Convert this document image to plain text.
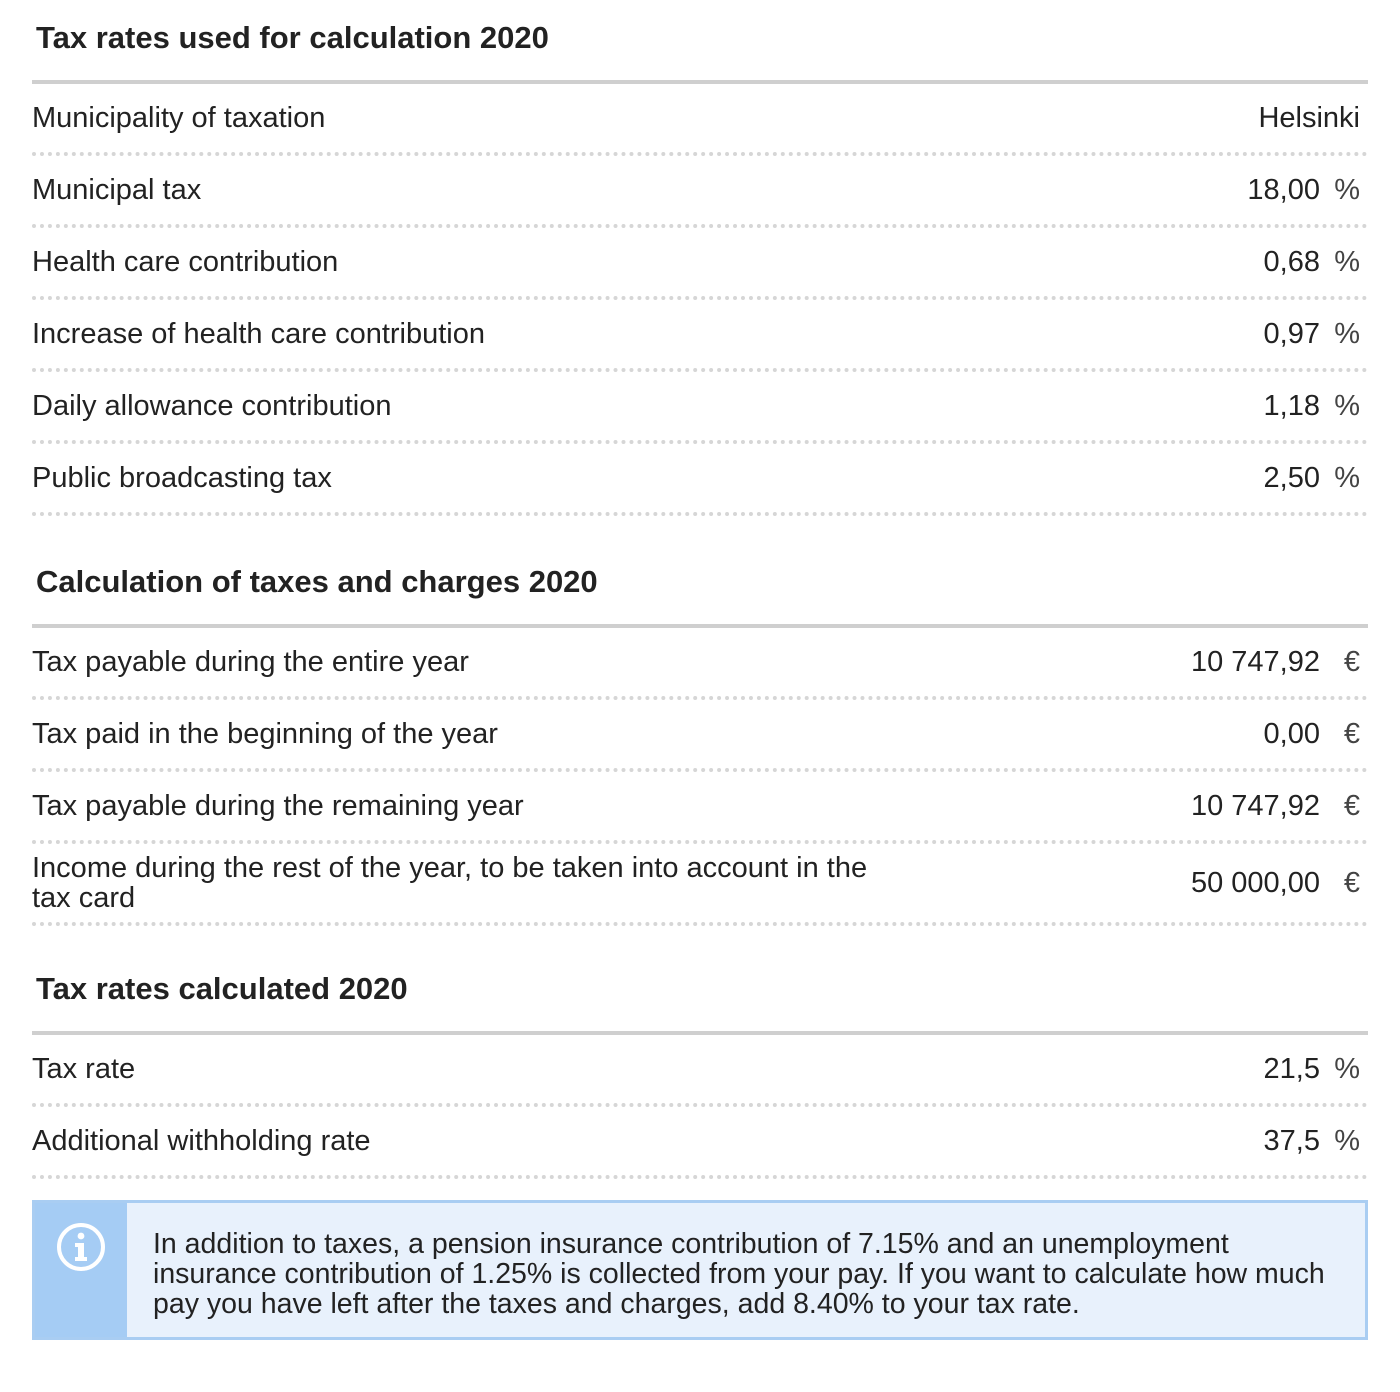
Tax rates used for calculation 2020
Municipality of taxation	Helsinki
Municipal tax	18,00 %
Health care contribution	0,68 %
Increase of health care contribution	0,97 %
Daily allowance contribution	1,18 %
Public broadcasting tax	2,50 %
Calculation of taxes and charges 2020
Tax payable during the entire year	10 747,92 €
Tax paid in the beginning of the year	0,00 €
Tax payable during the remaining year	10 747,92 €
Income during the rest of the year, to be taken into account in the tax card	50 000,00 €
Tax rates calculated 2020
Tax rate	21,5 %
Additional withholding rate	37,5 %
In addition to taxes, a pension insurance contribution of 7.15% and an unemployment insurance contribution of 1.25% is collected from your pay. If you want to calculate how much pay you have left after the taxes and charges, add 8.40% to your tax rate.
